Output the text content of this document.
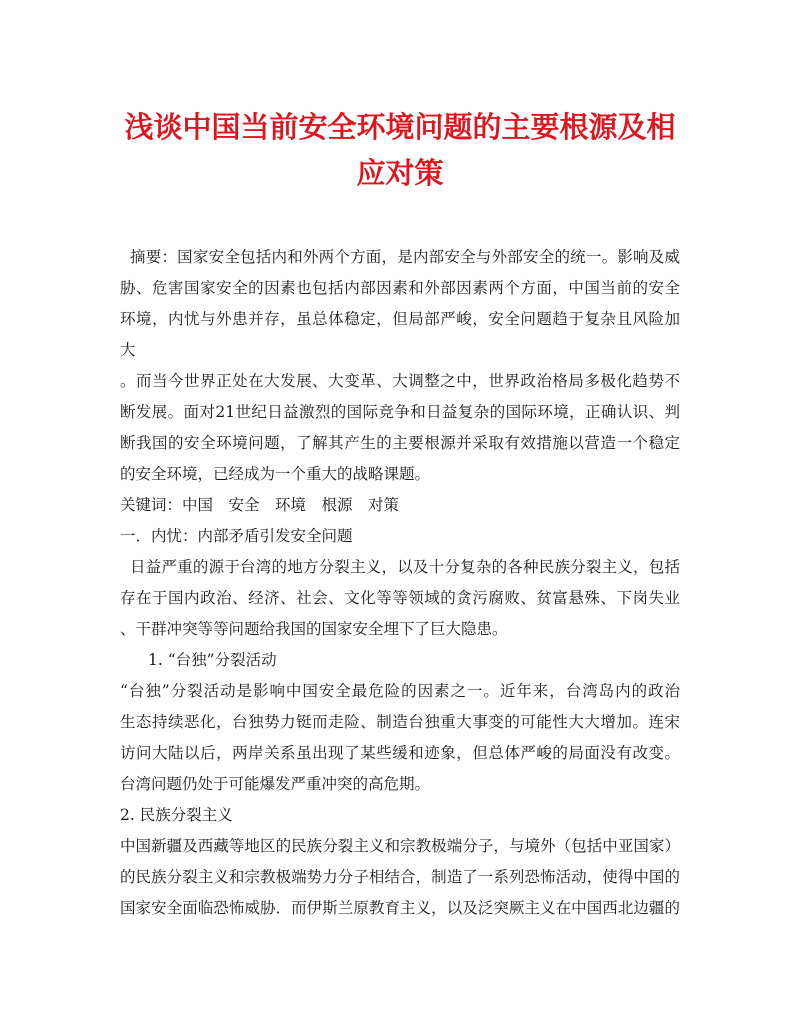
浅谈中国当前安全环境问题的主要根源及相
应对策
摘要：国家安全包括内和外两个方面，是内部安全与外部安全的统一。影响及威
胁、危害国家安全的因素也包括内部因素和外部因素两个方面，中国当前的安全
环境，内忧与外患并存，虽总体稳定，但局部严峻，安全问题趋于复杂且风险加
大
。而当今世界正处在大发展、大变革、大调整之中，世界政治格局多极化趋势不
断发展。面对21世纪日益激烈的国际竞争和日益复杂的国际环境，正确认识、判
断我国的安全环境问题，了解其产生的主要根源并采取有效措施以营造一个稳定
的安全环境，已经成为一个重大的战略课题。
关键词：中国　安全　环境　根源　对策
一．内忧：内部矛盾引发安全问题
日益严重的源于台湾的地方分裂主义，以及十分复杂的各种民族分裂主义，包括
存在于国内政治、经济、社会、文化等等领域的贪污腐败、贫富悬殊、下岗失业
、干群冲突等等问题给我国的国家安全埋下了巨大隐患。
1. “台独”分裂活动
“台独”分裂活动是影响中国安全最危险的因素之一。近年来，台湾岛内的政治
生态持续恶化，台独势力铤而走险、制造台独重大事变的可能性大大增加。连宋
访问大陆以后，两岸关系虽出现了某些缓和迹象，但总体严峻的局面没有改变。
台湾问题仍处于可能爆发严重冲突的高危期。
2. 民族分裂主义
中国新疆及西藏等地区的民族分裂主义和宗教极端分子，与境外（包括中亚国家）
的民族分裂主义和宗教极端势力分子相结合，制造了一系列恐怖活动，使得中国的
国家安全面临恐怖威胁．而伊斯兰原教育主义，以及泛突厥主义在中国西北边疆的
